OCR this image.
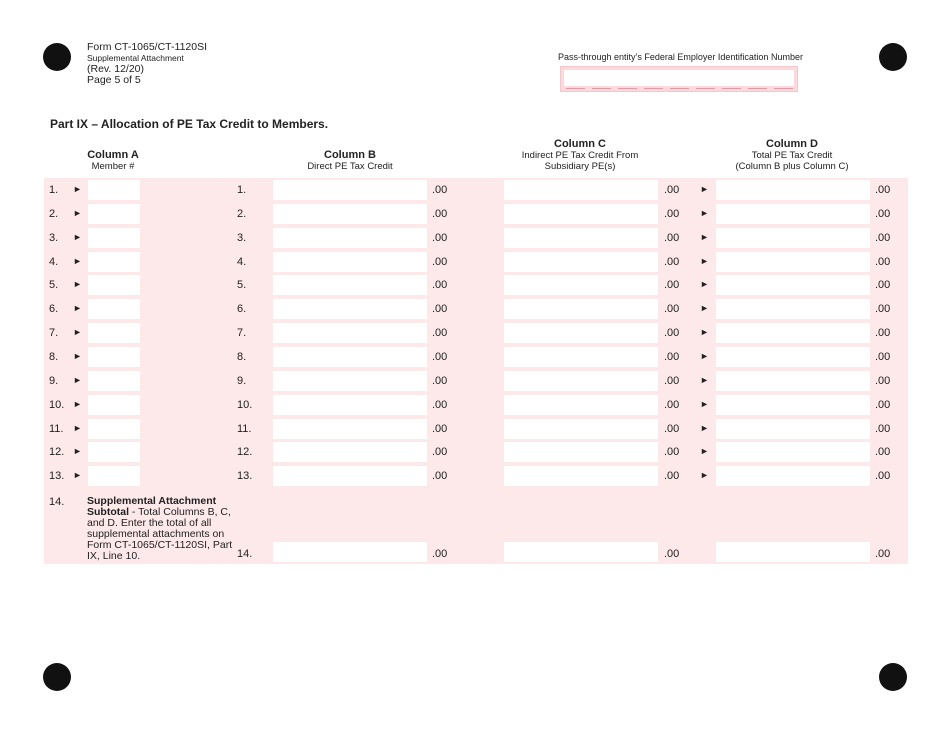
Form CT-1065/CT-1120SI
Supplemental Attachment
(Rev. 12/20)
Page 5 of 5
Pass-through entity’s Federal Employer Identification Number
Part IX – Allocation of PE Tax Credit to Members.
Column A
Member #
Column B
Direct PE Tax Credit
Column C
Indirect PE Tax Credit From
Subsidiary PE(s)
Column D
Total PE Tax Credit
(Column B plus Column C)
1. ►	1.	.00	.00 ►	.00
2. ►	2.	.00	.00 ►	.00
3. ►	3.	.00	.00 ►	.00
4. ►	4.	.00	.00 ►	.00
5. ►	5.	.00	.00 ►	.00
6. ►	6.	.00	.00 ►	.00
7. ►	7.	.00	.00 ►	.00
8. ►	8.	.00	.00 ►	.00
9. ►	9.	.00	.00 ►	.00
10. ►	10.	.00	.00 ►	.00
11. ►	11.	.00	.00 ►	.00
12. ►	12.	.00	.00 ►	.00
13. ►	13.	.00	.00 ►	.00
14. Supplemental Attachment Subtotal - Total Columns B, C, and D. Enter the total of all supplemental attachments on Form CT-1065/CT-1120SI, Part IX, Line 10.	14.	.00	.00	.00
